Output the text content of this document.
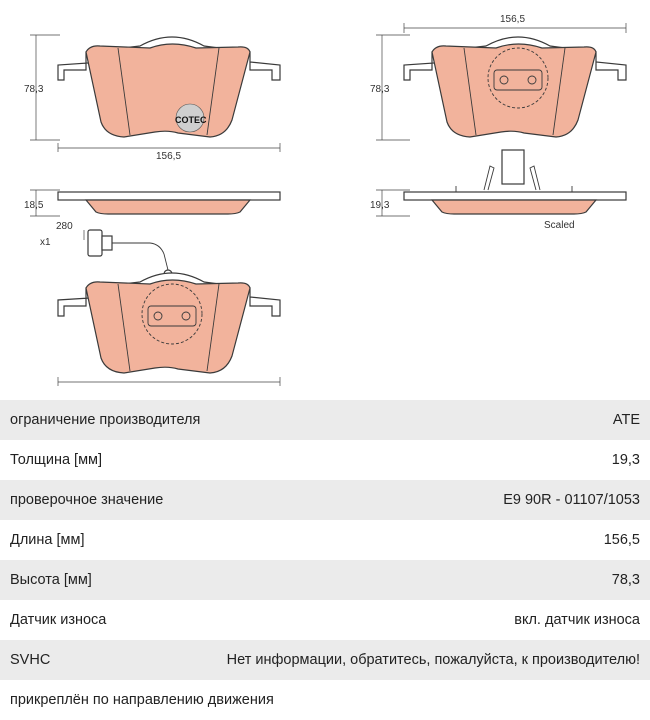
COTEC
78,3
156,5
156,5
78,3
18,5	19,3
Scaled
280
x1
ограничение производителя	ATE
Толщина [мм]	19,3
проверочное значение	E9 90R - 01107/1053
Длина [мм]	156,5
Высота [мм]	78,3
Датчик износа	вкл. датчик износа
SVHC	Нет информации, обратитесь, пожалуйста, к производителю!
прикреплён по направлению движения
